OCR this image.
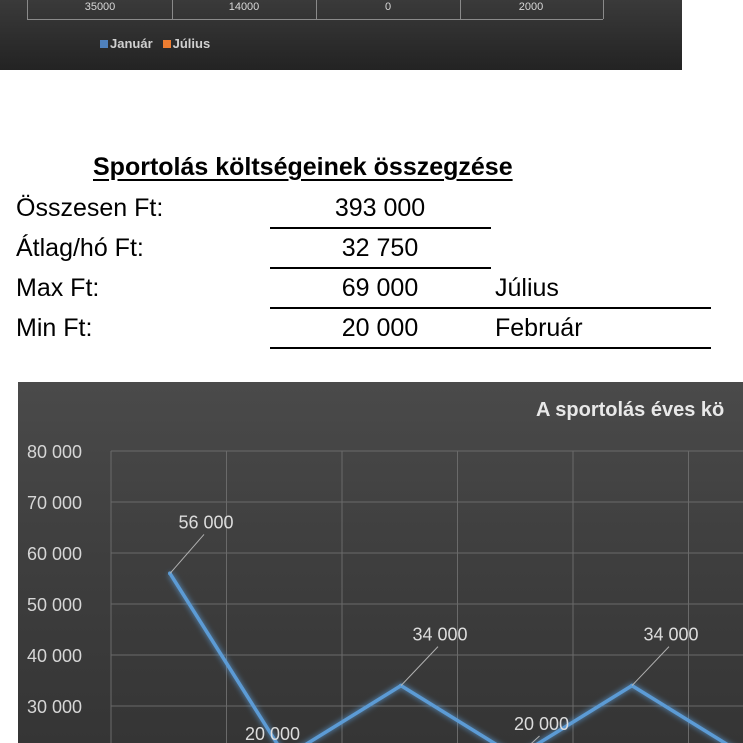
35000	14000	0	2000
Január Július
Sportolás költségeinek összegzése
Összesen Ft:	393 000
Átlag/hó Ft:	32 750
Max Ft:	69 000	Július
Min Ft:	20 000	Február
A sportolás éves kö
80 000
70 000
60 000
50 000
40 000
30 000
56 000
20 000
34 000
20 000
34 000
